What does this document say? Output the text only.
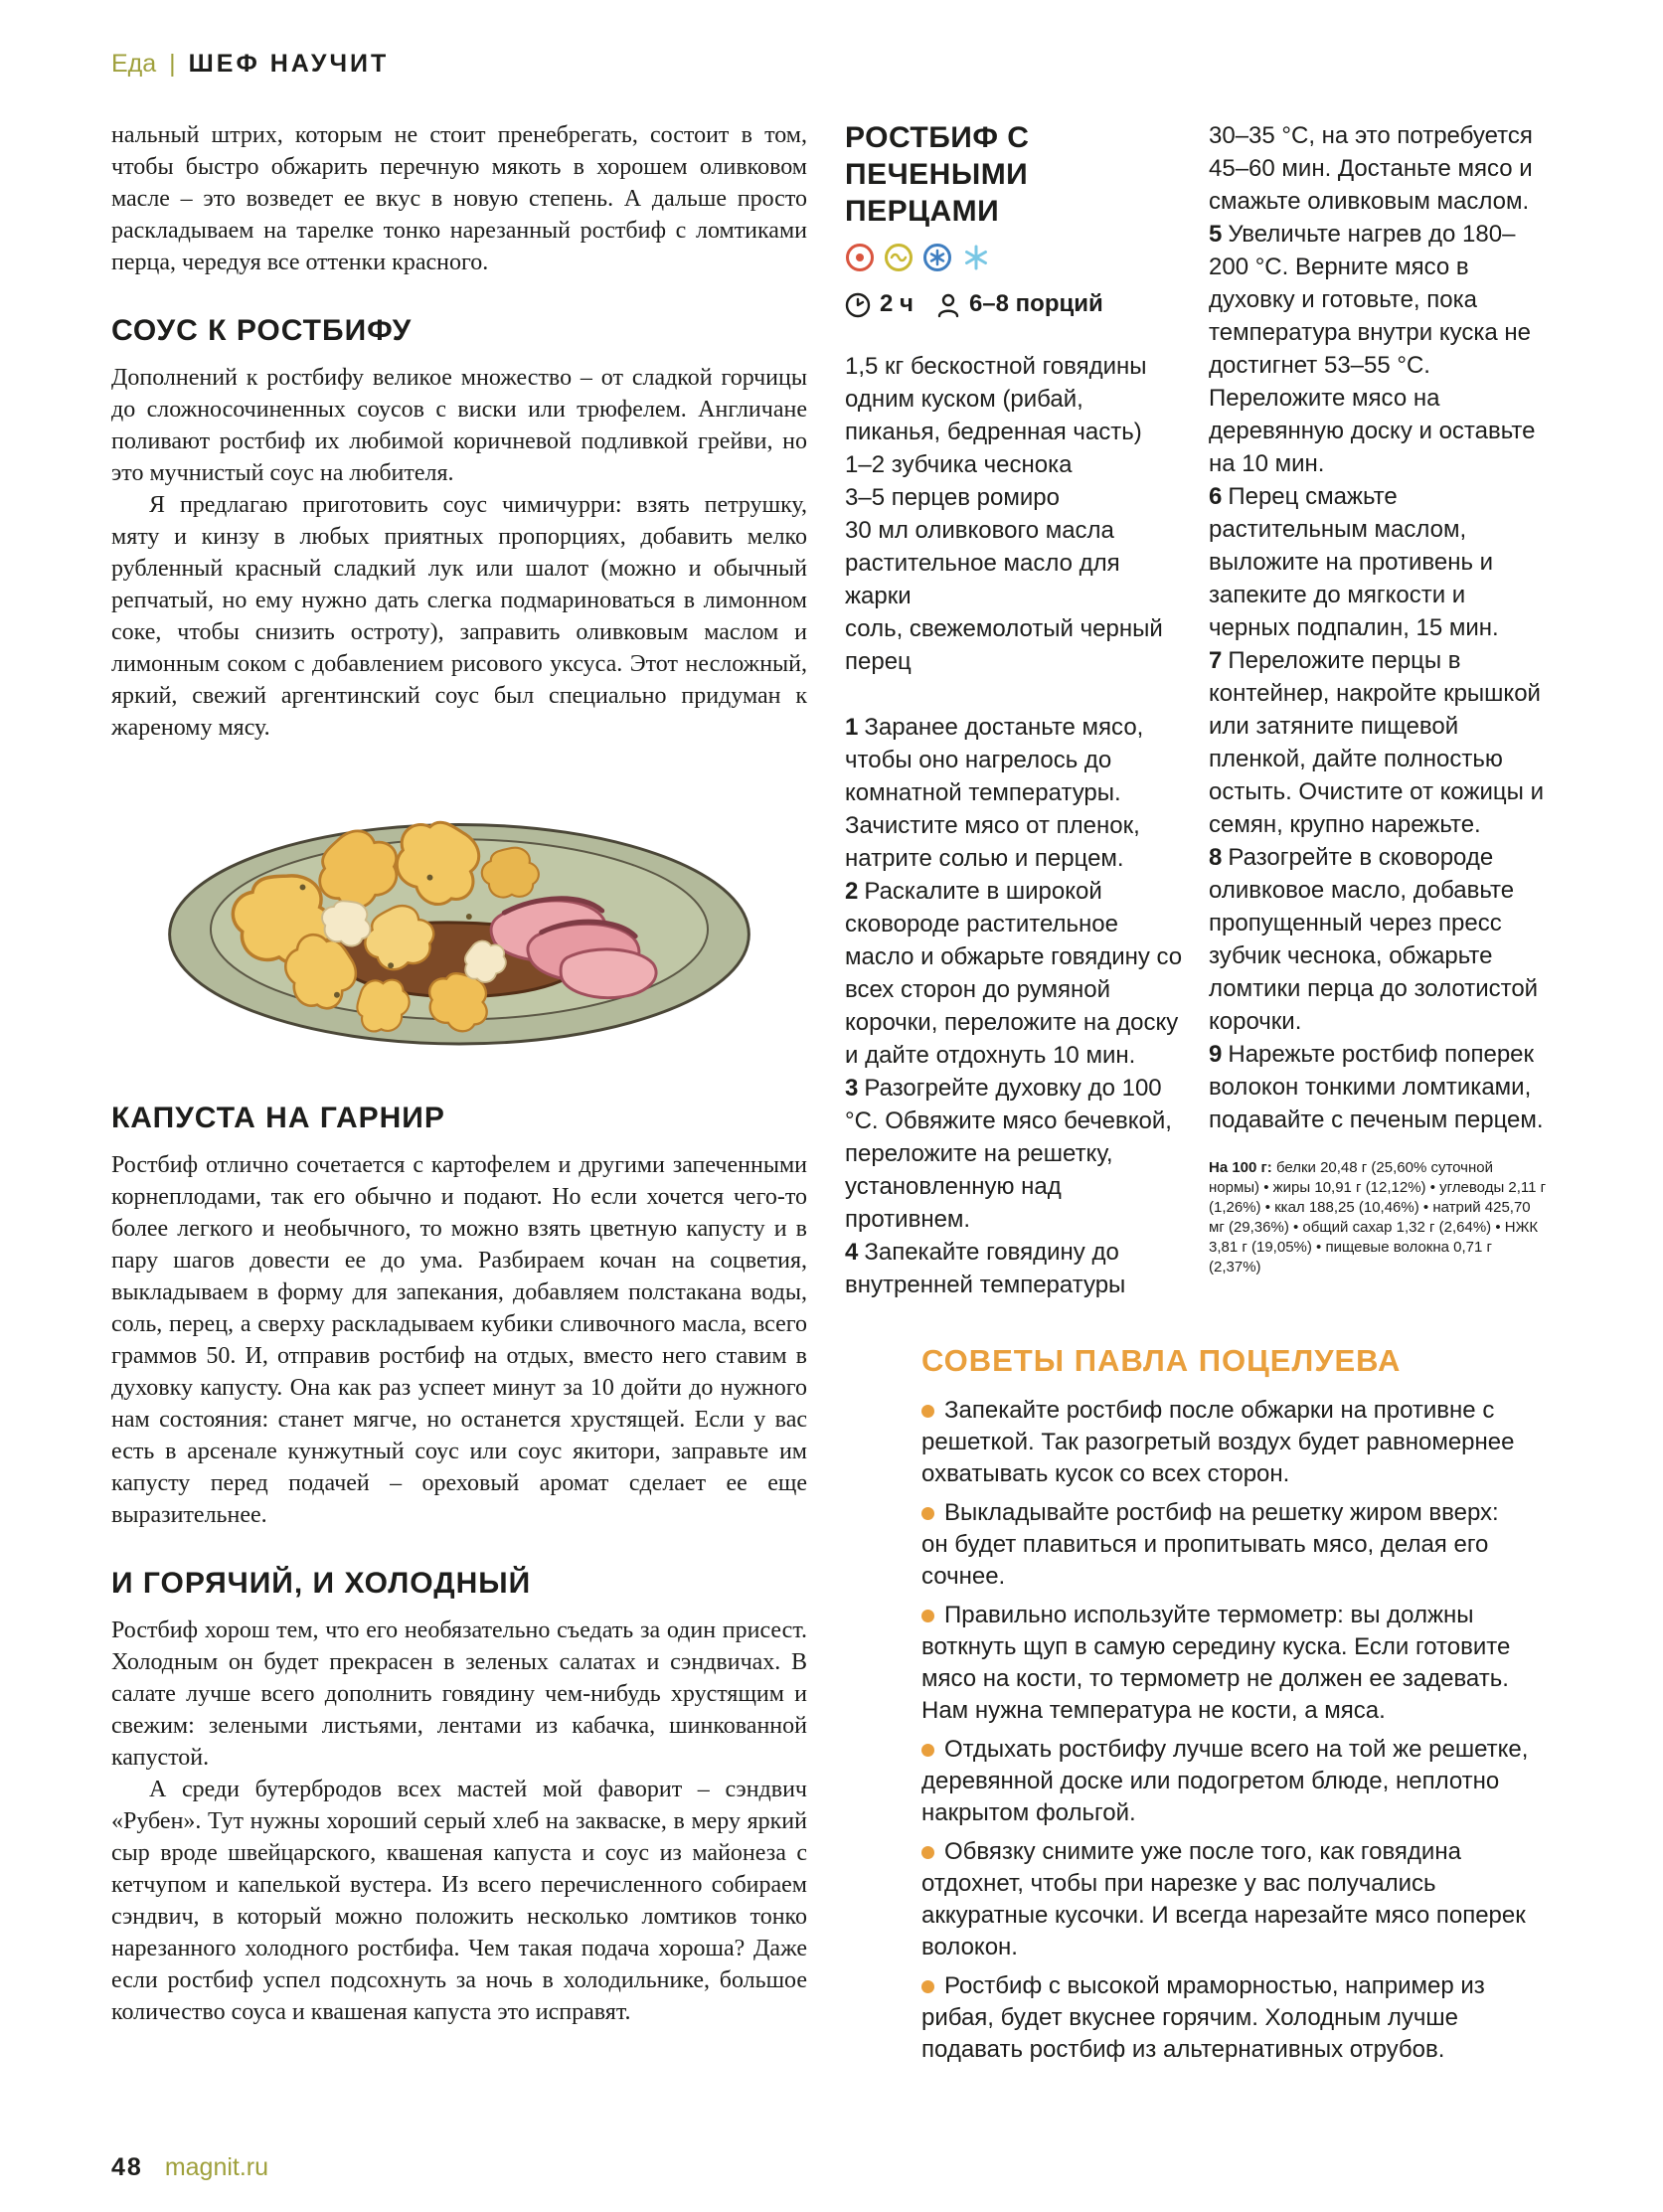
Еда | ШЕФ НАУЧИТ

нальный штрих, которым не стоит пренебрегать, состоит в том, чтобы быстро обжарить перечную мякоть в хорошем оливковом масле – это возведет ее вкус в новую степень. А дальше просто раскладываем на тарелке тонко нарезанный ростбиф с ломтиками перца, чередуя все оттенки красного.

СОУС К РОСТБИФУ

Дополнений к ростбифу великое множество – от сладкой горчицы до сложносочиненных соусов с виски или трюфелем. Англичане поливают ростбиф их любимой коричневой подливкой грейви, но это мучнистый соус на любителя.

Я предлагаю приготовить соус чимичурри: взять петрушку, мяту и кинзу в любых приятных пропорциях, добавить мелко рубленный красный сладкий лук или шалот (можно и обычный репчатый, но ему нужно дать слегка подмариноваться в лимонном соке, чтобы снизить остроту), заправить оливковым маслом и лимонным соком с добавлением рисового уксуса. Этот несложный, яркий, свежий аргентинский соус был специально придуман к жареному мясу.

КАПУСТА НА ГАРНИР

Ростбиф отлично сочетается с картофелем и другими запеченными корнеплодами, так его обычно и подают. Но если хочется чего-то более легкого и необычного, то можно взять цветную капусту и в пару шагов довести ее до ума. Разбираем кочан на соцветия, выкладываем в форму для запекания, добавляем полстакана воды, соль, перец, а сверху раскладываем кубики сливочного масла, всего граммов 50. И, отправив ростбиф на отдых, вместо него ставим в духовку капусту. Она как раз успеет минут за 10 дойти до нужного нам состояния: станет мягче, но останется хрустящей. Если у вас есть в арсенале кунжутный соус или соус якитори, заправьте им капусту перед подачей – ореховый аромат сделает ее еще выразительнее.

И ГОРЯЧИЙ, И ХОЛОДНЫЙ

Ростбиф хорош тем, что его необязательно съедать за один присест. Холодным он будет прекрасен в зеленых салатах и сэндвичах. В салате лучше всего дополнить говядину чем-нибудь хрустящим и свежим: зелеными листьями, лентами из кабачка, шинкованной капустой.

А среди бутербродов всех мастей мой фаворит – сэндвич «Рубен». Тут нужны хороший серый хлеб на закваске, в меру яркий сыр вроде швейцарского, квашеная капуста и соус из майонеза с кетчупом и капелькой вустера. Из всего перечисленного собираем сэндвич, в который можно положить несколько ломтиков тонко нарезанного холодного ростбифа. Чем такая подача хороша? Даже если ростбиф успел подсохнуть за ночь в холодильнике, большое количество соуса и квашеная капуста это исправят.

РОСТБИФ С ПЕЧЕНЫМИ ПЕРЦАМИ
2 ч 6–8 порций

1,5 кг бескостной говядины одним куском (рибай, пиканья, бедренная часть)

1–2 зубчика чеснока

3–5 перцев ромиро

30 мл оливкового масла

растительное масло для жарки

соль, свежемолотый черный перец

1 Заранее достаньте мясо, чтобы оно нагрелось до комнатной температуры. Зачистите мясо от пленок, натрите солью и перцем.

2 Раскалите в широкой сковороде растительное масло и обжарьте говядину со всех сторон до румяной корочки, переложите на доску и дайте отдохнуть 10 мин.

3 Разогрейте духовку до 100 °C. Обвяжите мясо бечевкой, переложите на решетку, установленную над противнем.

4 Запекайте говядину до внутренней температуры

30–35 °C, на это потребуется 45–60 мин. Достаньте мясо и смажьте оливковым маслом.

5 Увеличьте нагрев до 180–200 °C. Верните мясо в духовку и готовьте, пока температура внутри куска не достигнет 53–55 °C. Переложите мясо на деревянную доску и оставьте на 10 мин.

6 Перец смажьте растительным маслом, выложите на противень и запеките до мягкости и черных подпалин, 15 мин.

7 Переложите перцы в контейнер, накройте крышкой или затяните пищевой пленкой, дайте полностью остыть. Очистите от кожицы и семян, крупно нарежьте.

8 Разогрейте в сковороде оливковое масло, добавьте пропущенный через пресс зубчик чеснока, обжарьте ломтики перца до золотистой корочки.

9 Нарежьте ростбиф поперек волокон тонкими ломтиками, подавайте с печеным перцем.

На 100 г: белки 20,48 г (25,60% суточной нормы) • жиры 10,91 г (12,12%) • углеводы 2,11 г (1,26%) • ккал 188,25 (10,46%) • натрий 425,70 мг (29,36%) • общий сахар 1,32 г (2,64%) • НЖК 3,81 г (19,05%) • пищевые волокна 0,71 г (2,37%)

СОВЕТЫ ПАВЛА ПОЦЕЛУЕВА

Запекайте ростбиф после обжарки на противне с решеткой. Так разогретый воздух будет равномернее охватывать кусок со всех сторон.

Выкладывайте ростбиф на решетку жиром вверх: он будет плавиться и пропитывать мясо, делая его сочнее.

Правильно используйте термометр: вы должны воткнуть щуп в самую середину куска. Если готовите мясо на кости, то термометр не должен ее задевать. Нам нужна температура не кости, а мяса.

Отдыхать ростбифу лучше всего на той же решетке, деревянной доске или подогретом блюде, неплотно накрытом фольгой.

Обвязку снимите уже после того, как говядина отдохнет, чтобы при нарезке у вас получались аккуратные кусочки. И всегда нарезайте мясо поперек волокон.

Ростбиф с высокой мраморностью, например из рибая, будет вкуснее горячим. Холодным лучше подавать ростбиф из альтернативных отрубов.

48 magnit.ru
